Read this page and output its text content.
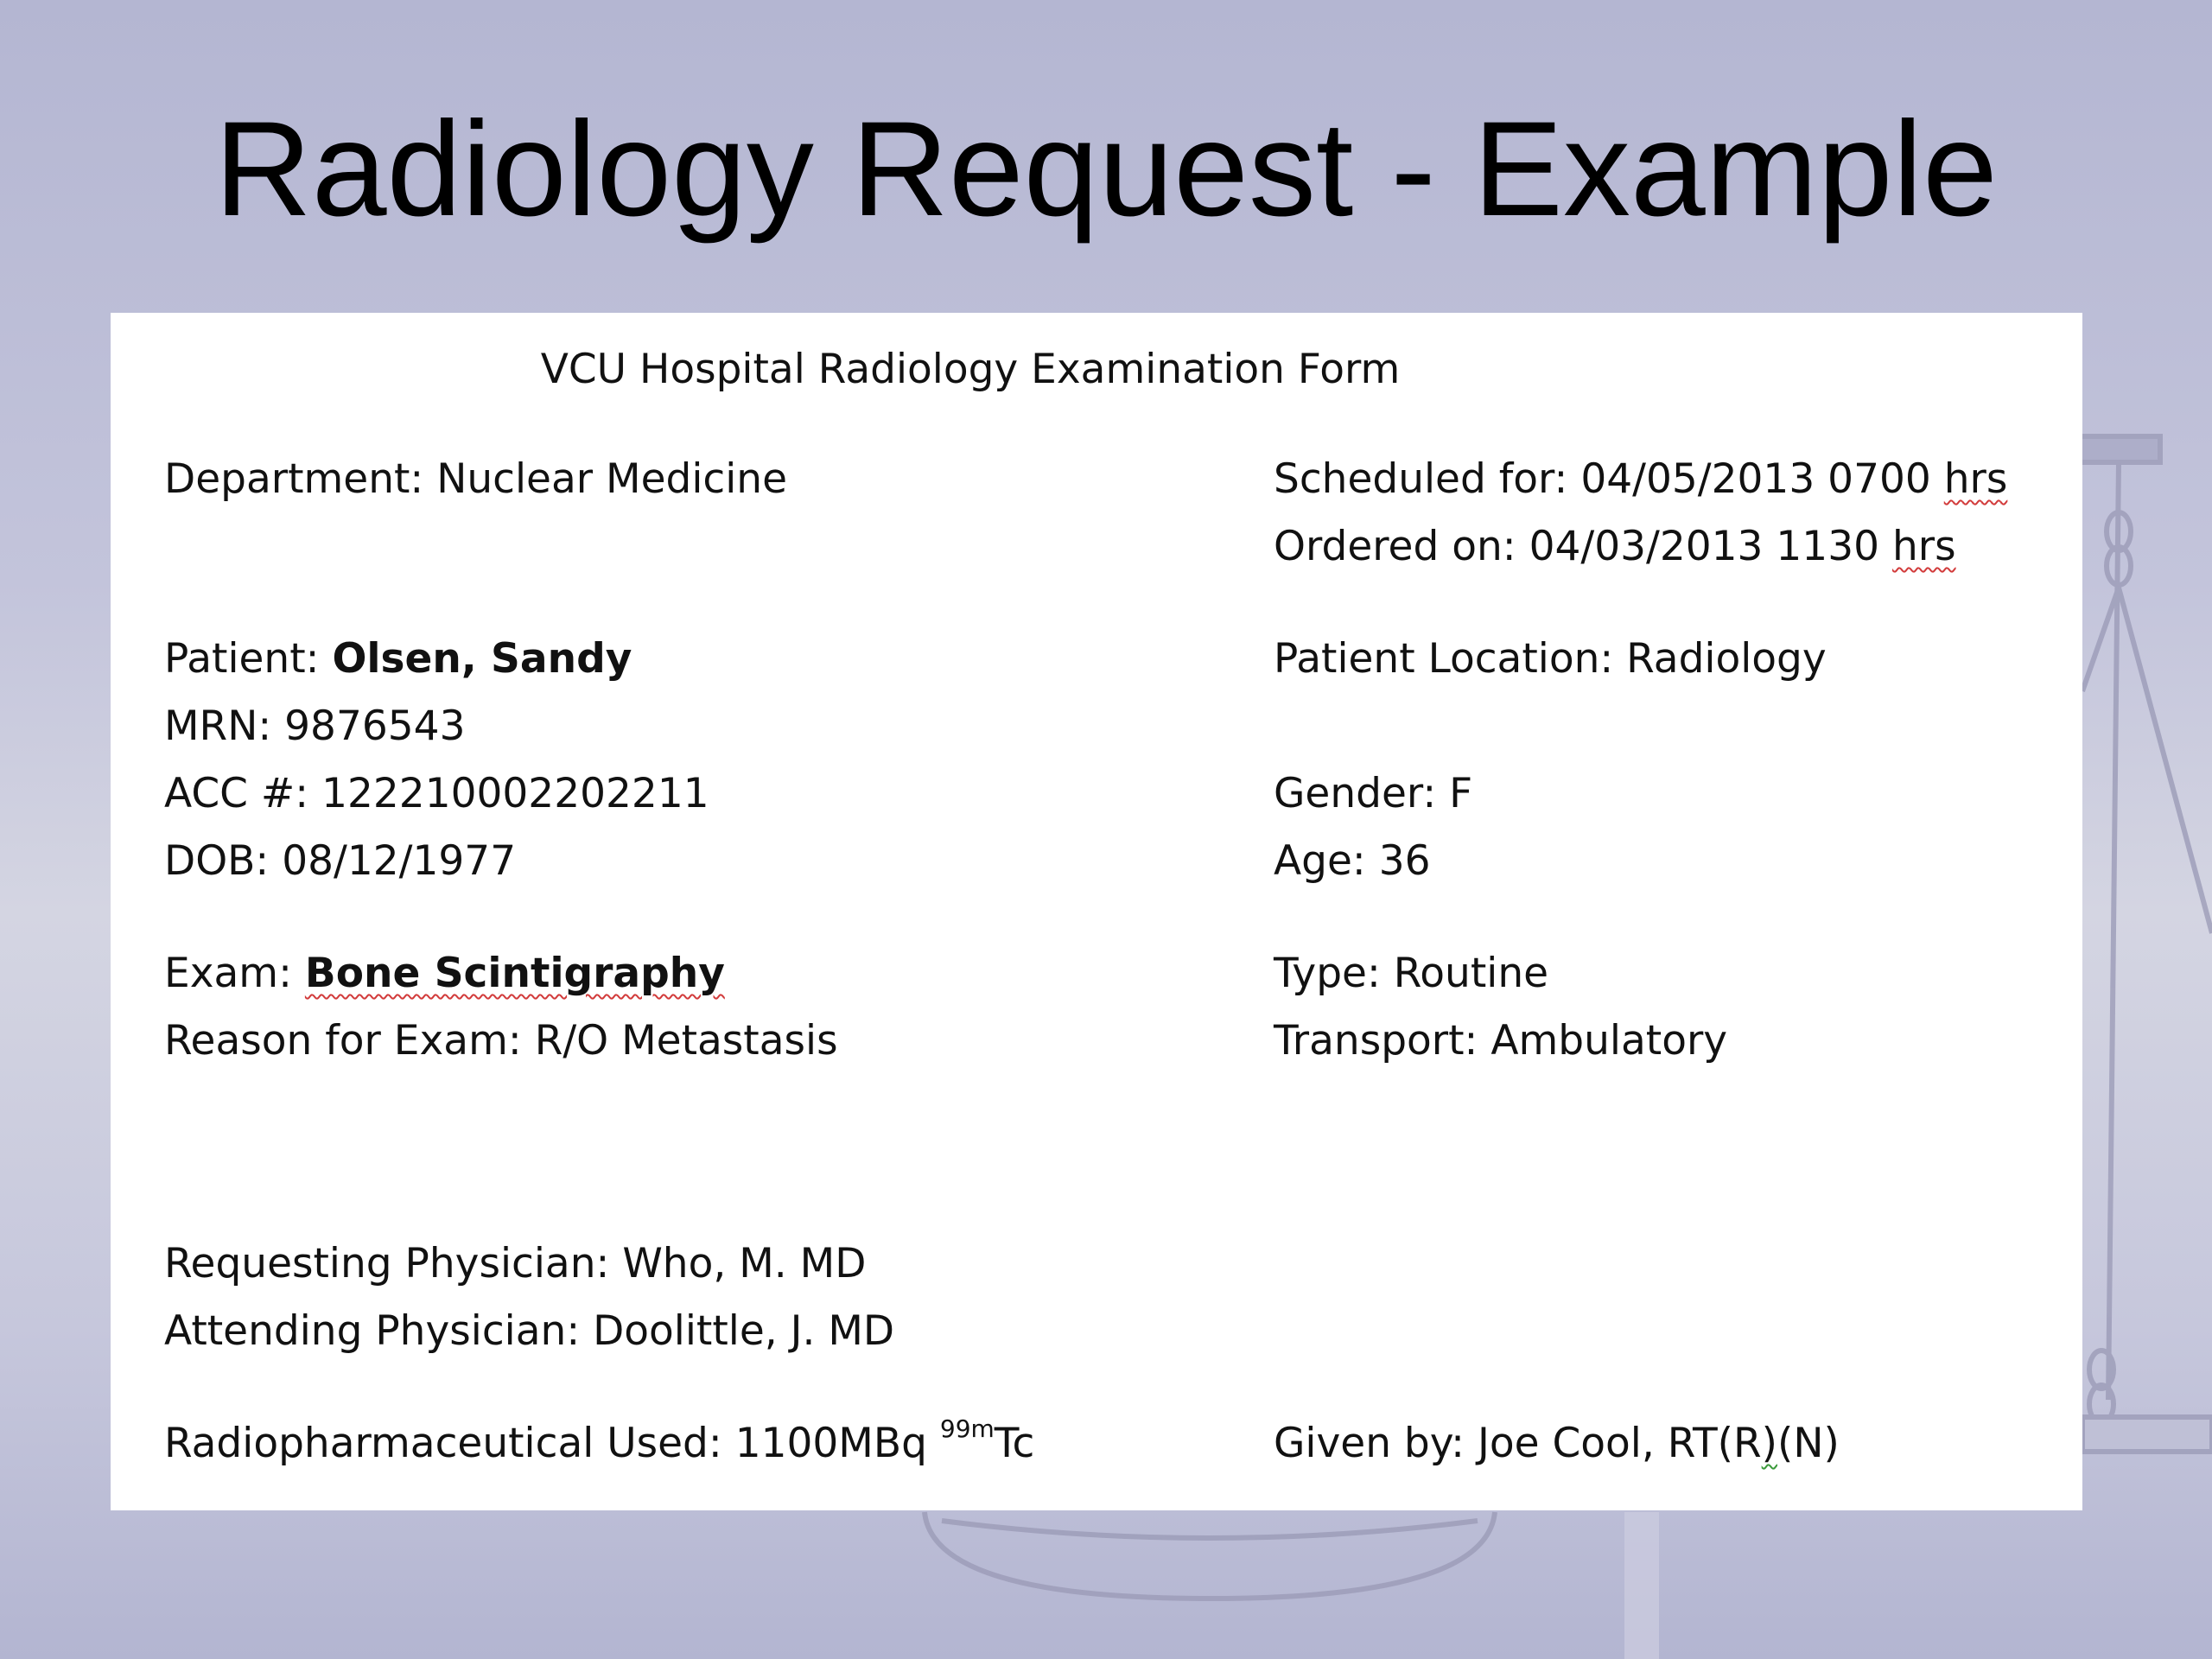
Radiology Request - Example
VCU Hospital Radiology Examination Form
Department: Nuclear Medicine	Scheduled for: 04/05/2013 0700 hrs
Ordered on: 04/03/2013 1130 hrs
Patient: Olsen, Sandy	Patient Location: Radiology
MRN: 9876543
ACC #: 122210002202211	Gender: F
DOB: 08/12/1977	Age: 36
Exam: Bone Scintigraphy	Type: Routine
Reason for Exam: R/O Metastasis	Transport: Ambulatory
Requesting Physician: Who, M. MD
Attending Physician: Doolittle, J. MD
Radiopharmaceutical Used: 1100MBq $^{99m}$Tc	Given by: Joe Cool, RT(R)(N)
